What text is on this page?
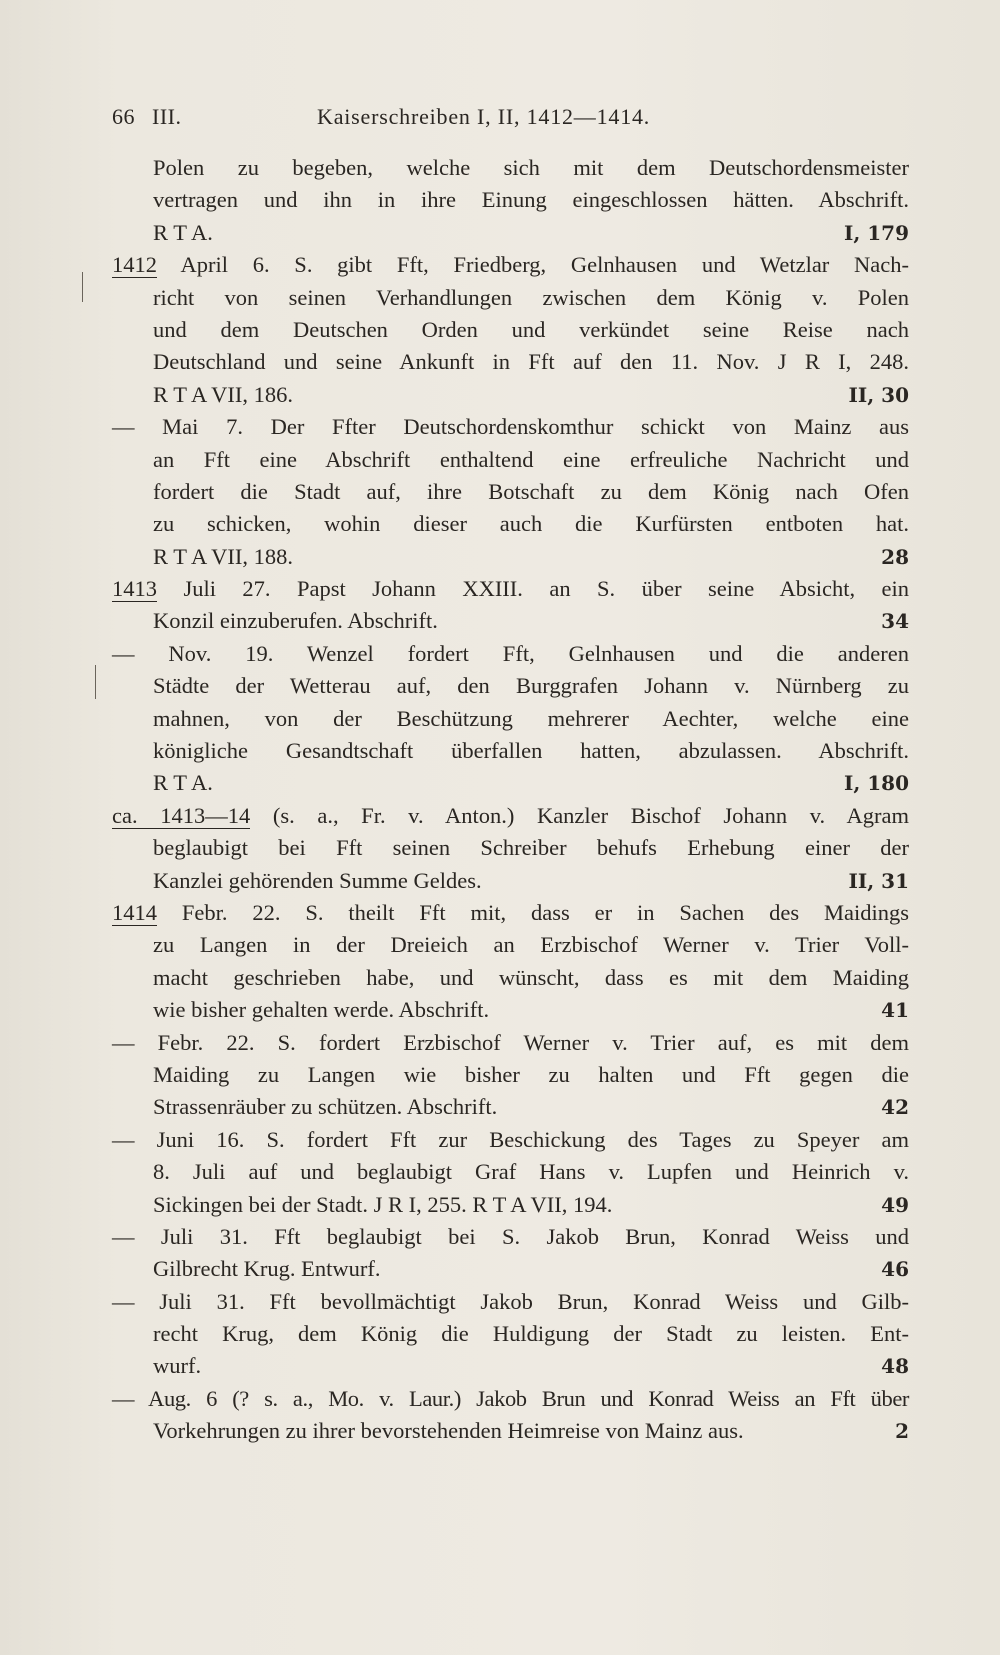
66 III.	Kaiserschreiben I, II, 1412—1414.
Polen zu begeben, welche sich mit dem Deutschordensmeister
vertragen und ihn in ihre Einung eingeschlossen hätten. Abschrift.
R T A.	I, 179
1412 April 6. S. gibt Fft, Friedberg, Gelnhausen und Wetzlar Nach-
richt von seinen Verhandlungen zwischen dem König v. Polen
und dem Deutschen Orden und verkündet seine Reise nach
Deutschland und seine Ankunft in Fft auf den 11. Nov. J R I, 248.
R T A VII, 186.	II, 30
— Mai 7. Der Ffter Deutschordenskomthur schickt von Mainz aus
an Fft eine Abschrift enthaltend eine erfreuliche Nachricht und
fordert die Stadt auf, ihre Botschaft zu dem König nach Ofen
zu schicken, wohin dieser auch die Kurfürsten entboten hat.
R T A VII, 188.	28
1413 Juli 27. Papst Johann XXIII. an S. über seine Absicht, ein
Konzil einzuberufen. Abschrift.	34
— Nov. 19. Wenzel fordert Fft, Gelnhausen und die anderen
Städte der Wetterau auf, den Burggrafen Johann v. Nürnberg zu
mahnen, von der Beschützung mehrerer Aechter, welche eine
königliche Gesandtschaft überfallen hatten, abzulassen. Abschrift.
R T A.	I, 180
ca. 1413—14 (s. a., Fr. v. Anton.) Kanzler Bischof Johann v. Agram
beglaubigt bei Fft seinen Schreiber behufs Erhebung einer der
Kanzlei gehörenden Summe Geldes.	II, 31
1414 Febr. 22. S. theilt Fft mit, dass er in Sachen des Maidings
zu Langen in der Dreieich an Erzbischof Werner v. Trier Voll-
macht geschrieben habe, und wünscht, dass es mit dem Maiding
wie bisher gehalten werde. Abschrift.	41
— Febr. 22. S. fordert Erzbischof Werner v. Trier auf, es mit dem
Maiding zu Langen wie bisher zu halten und Fft gegen die
Strassenräuber zu schützen. Abschrift.	42
— Juni 16. S. fordert Fft zur Beschickung des Tages zu Speyer am
8. Juli auf und beglaubigt Graf Hans v. Lupfen und Heinrich v.
Sickingen bei der Stadt. J R I, 255. R T A VII, 194.	49
— Juli 31. Fft beglaubigt bei S. Jakob Brun, Konrad Weiss und
Gilbrecht Krug. Entwurf.	46
— Juli 31. Fft bevollmächtigt Jakob Brun, Konrad Weiss und Gilb-
recht Krug, dem König die Huldigung der Stadt zu leisten. Ent-
wurf.	48
— Aug. 6 (? s. a., Mo. v. Laur.) Jakob Brun und Konrad Weiss an Fft über
Vorkehrungen zu ihrer bevorstehenden Heimreise von Mainz aus.	2
